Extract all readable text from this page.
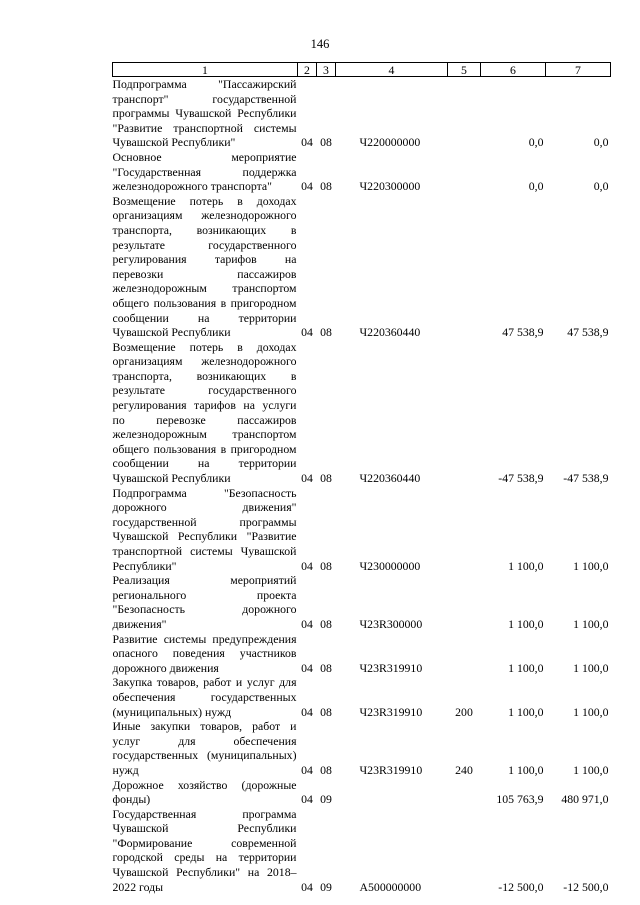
146
1	2	3	4	5	6	7
Подпрограмма "Пассажирский транспорт" государственной программы Чувашской Республики "Развитие транспортной системы Чувашской Республики"	04	08	Ч220000000		0,0	0,0
Основное мероприятие "Государственная поддержка железнодорожного транспорта"	04	08	Ч220300000		0,0	0,0
Возмещение потерь в доходах организациям железнодорожного транспорта, возникающих в результате государственного регулирования тарифов на перевозки пассажиров железнодорожным транспортом общего пользования в пригородном сообщении на территории Чувашской Республики	04	08	Ч220360440		47 538,9	47 538,9
Возмещение потерь в доходах организациям железнодорожного транспорта, возникающих в результате государственного регулирования тарифов на услуги по перевозке пассажиров железнодорожным транспортом общего пользования в пригородном сообщении на территории Чувашской Республики	04	08	Ч220360440		-47 538,9	-47 538,9
Подпрограмма "Безопасность дорожного движения" государственной программы Чувашской Республики "Развитие транспортной системы Чувашской Республики"	04	08	Ч230000000		1 100,0	1 100,0
Реализация мероприятий регионального проекта "Безопасность дорожного движения"	04	08	Ч23R300000		1 100,0	1 100,0
Развитие системы предупреждения опасного поведения участников дорожного движения	04	08	Ч23R319910		1 100,0	1 100,0
Закупка товаров, работ и услуг для обеспечения государственных (муниципальных) нужд	04	08	Ч23R319910	200	1 100,0	1 100,0
Иные закупки товаров, работ и услуг для обеспечения государственных (муниципальных) нужд	04	08	Ч23R319910	240	1 100,0	1 100,0
Дорожное хозяйство (дорожные фонды)	04	09			105 763,9	480 971,0
Государственная программа Чувашской Республики "Формирование современной городской среды на территории Чувашской Республики" на 2018–2022 годы	04	09	А500000000		-12 500,0	-12 500,0
